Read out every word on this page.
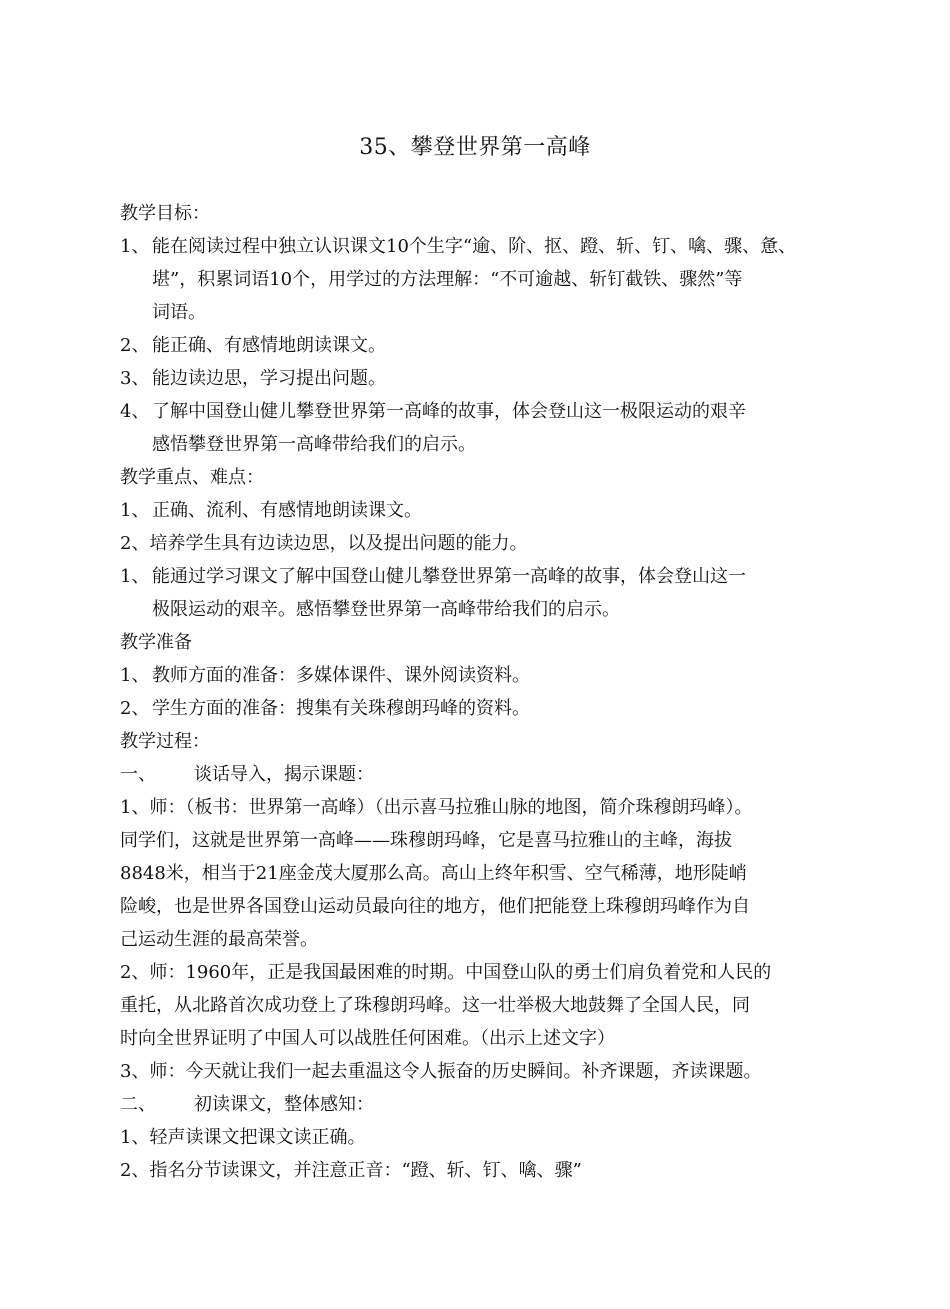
35、攀登世界第一高峰
教学目标：
1、 能在阅读过程中独立认识课文10个生字“逾、阶、抠、蹬、斩、钉、噙、骤、惫、
堪”，积累词语10个，用学过的方法理解：“不可逾越、斩钉截铁、骤然”等
词语。
2、 能正确、有感情地朗读课文。
3、 能边读边思，学习提出问题。
4、 了解中国登山健儿攀登世界第一高峰的故事，体会登山这一极限运动的艰辛
感悟攀登世界第一高峰带给我们的启示。
教学重点、难点：
1、 正确、流利、有感情地朗读课文。
2、培养学生具有边读边思，以及提出问题的能力。
1、 能通过学习课文了解中国登山健儿攀登世界第一高峰的故事，体会登山这一
极限运动的艰辛。感悟攀登世界第一高峰带给我们的启示。
教学准备
1、 教师方面的准备：多媒体课件、课外阅读资料。
2、 学生方面的准备：搜集有关珠穆朗玛峰的资料。
教学过程：
一、 谈话导入，揭示课题：
1、师：（板书：世界第一高峰）（出示喜马拉雅山脉的地图，简介珠穆朗玛峰）。
同学们，这就是世界第一高峰——珠穆朗玛峰，它是喜马拉雅山的主峰，海拔
8848米，相当于21座金茂大厦那么高。高山上终年积雪、空气稀薄，地形陡峭
险峻，也是世界各国登山运动员最向往的地方，他们把能登上珠穆朗玛峰作为自
己运动生涯的最高荣誉。
2、师：1960年，正是我国最困难的时期。中国登山队的勇士们肩负着党和人民的
重托，从北路首次成功登上了珠穆朗玛峰。这一壮举极大地鼓舞了全国人民，同
时向全世界证明了中国人可以战胜任何困难。（出示上述文字）
3、师：今天就让我们一起去重温这令人振奋的历史瞬间。补齐课题，齐读课题。
二、 初读课文，整体感知：
1、轻声读课文把课文读正确。
2、指名分节读课文，并注意正音：“蹬、斩、钉、噙、骤”
